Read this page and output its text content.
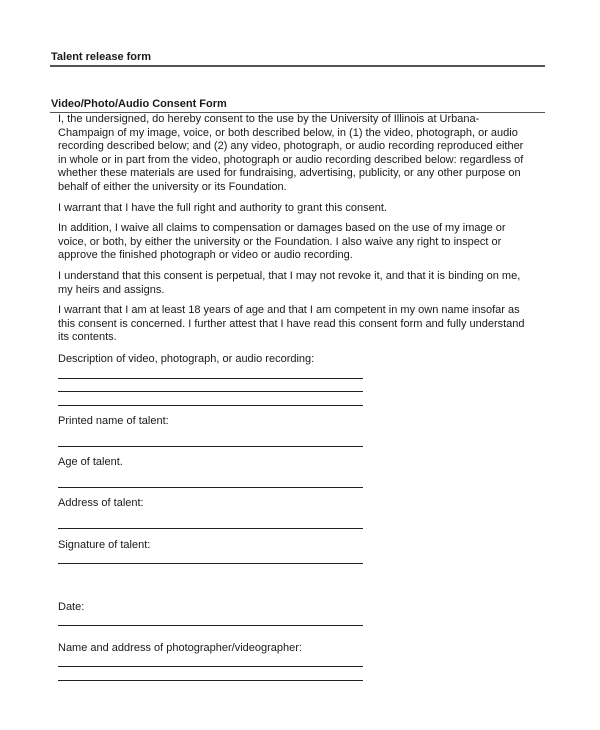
Talent release form
Video/Photo/Audio Consent Form
I, the undersigned, do hereby consent to the use by the University of Illinois at Urbana-
Champaign of my image, voice, or both described below, in (1) the video, photograph, or audio
recording described below; and (2) any video, photograph, or audio recording reproduced either
in whole or in part from the video, photograph or audio recording described below: regardless of
whether these materials are used for fundraising, advertising, publicity, or any other purpose on
behalf of either the university or its Foundation.
I warrant that I have the full right and authority to grant this consent.
In addition, I waive all claims to compensation or damages based on the use of my image or
voice, or both, by either the university or the Foundation. I also waive any right to inspect or
approve the finished photograph or video or audio recording.
I understand that this consent is perpetual, that I may not revoke it, and that it is binding on me,
my heirs and assigns.
I warrant that I am at least 18 years of age and that I am competent in my own name insofar as
this consent is concerned. I further attest that I have read this consent form and fully understand
its contents.
Description of video, photograph, or audio recording:
Printed name of talent:
Age of talent.
Address of talent:
Signature of talent:
Date:
Name and address of photographer/videographer:
